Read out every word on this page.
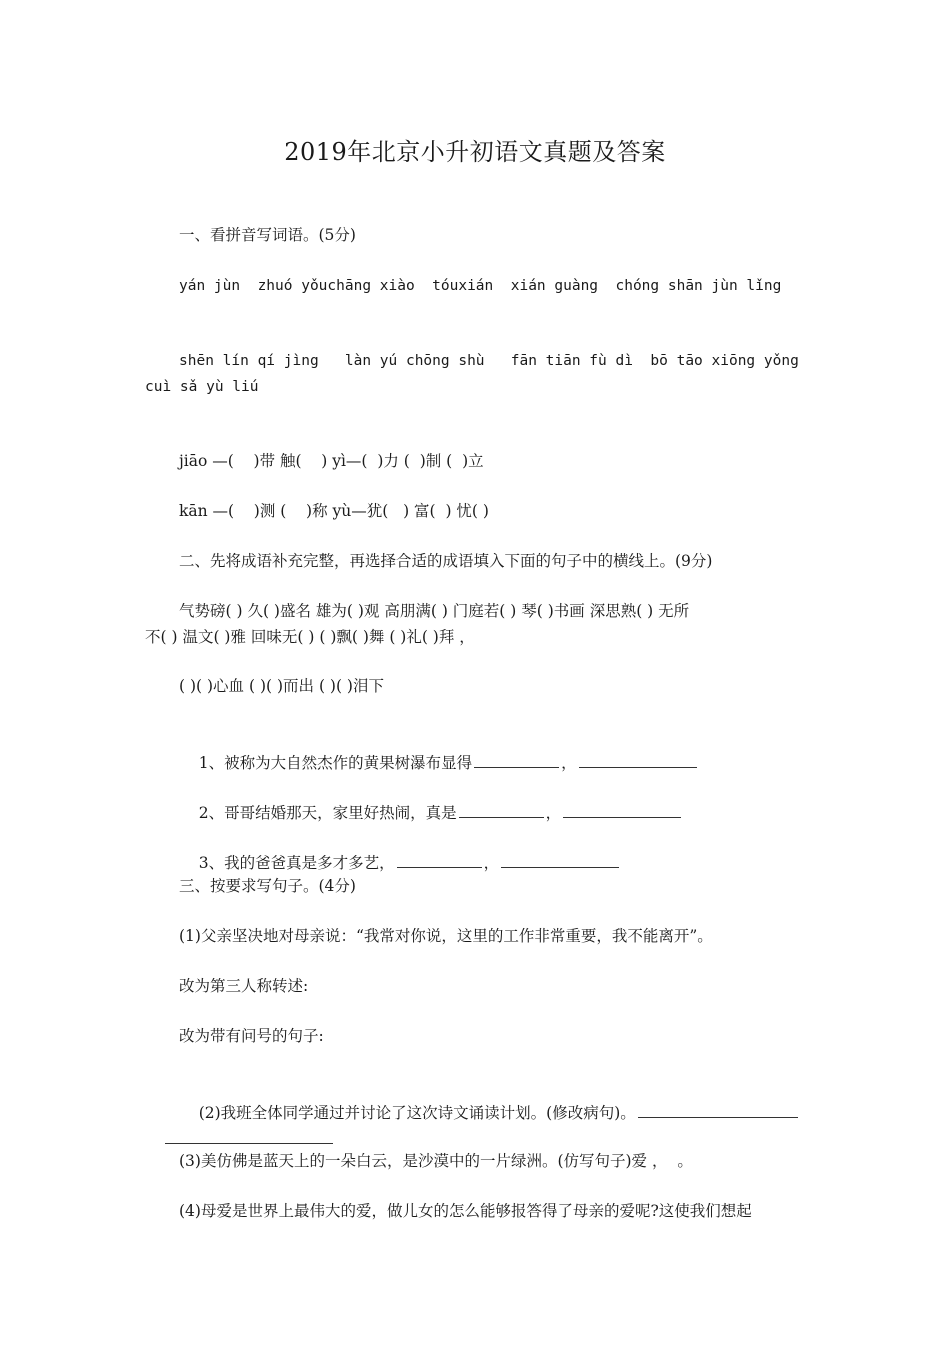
2019年北京小升初语文真题及答案
一、看拼音写词语。(5分)
yán jùn  zhuó yǒuchāng xiào  tóuxián  xián guàng  chóng shān jùn lǐng
shēn lín qí jìng   làn yú chōng shù   fān tiān fù dì  bō tāo xiōng yǒng
cuì sǎ yù liú
jiāo —(    )带 触(    ) yì—(  )力 (  )制 (  )立
kān —(    )测 (    )称 yù—犹(   ) 富(  ) 忧( )
二、先将成语补充完整，再选择合适的成语填入下面的句子中的横线上。(9分)
气势磅( ) 久( )盛名 雄为( )观 高朋满( ) 门庭若( ) 琴( )书画 深思熟( ) 无所
不( ) 温文( )雅 回味无( ) ( )飘( )舞 ( )礼( )拜 ，
( )( )心血 ( )( )而出 ( )( )泪下

1、被称为大自然杰作的黄果树瀑布显得	，

2、哥哥结婚那天，家里好热闹，真是	，

3、我的爸爸真是多才多艺，	，

三、按要求写句子。(4分)
(1)父亲坚决地对母亲说：“我常对你说，这里的工作非常重要，我不能离开”。
改为第三人称转述:
改为带有问号的句子:

(2)我班全体同学通过并讨论了这次诗文诵读计划。(修改病句)。

(3)美仿佛是蓝天上的一朵白云，是沙漠中的一片绿洲。(仿写句子)爱 ，  。
(4)母爱是世界上最伟大的爱，做儿女的怎么能够报答得了母亲的爱呢?这使我们想起
